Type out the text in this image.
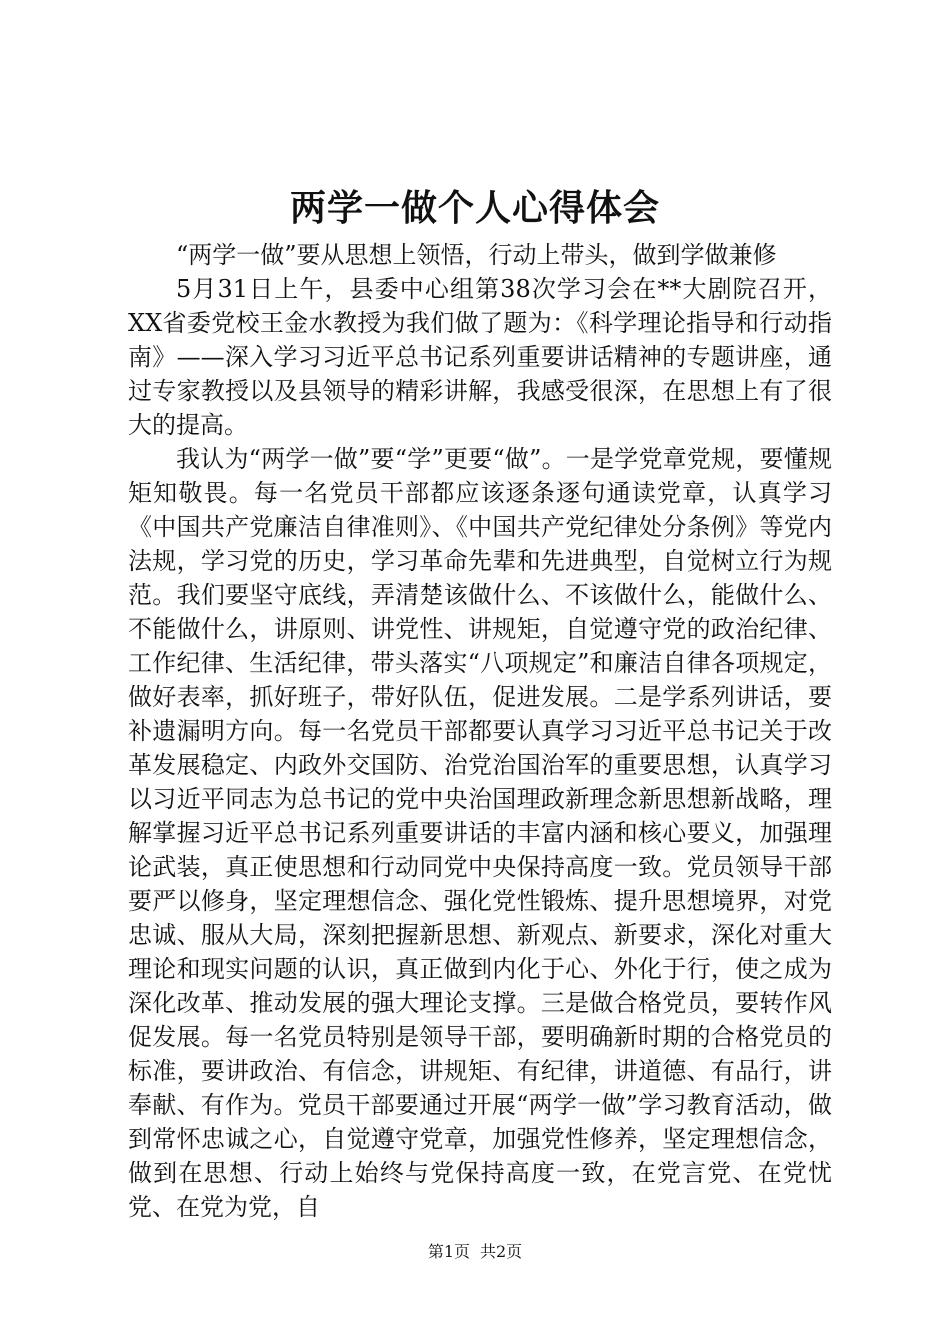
两学一做个人心得体会

“两学一做”要从思想上领悟，行动上带头，做到学做兼修

5月31日上午，县委中心组第38次学习会在**大剧院召开，XX省委党校王金水教授为我们做了题为：《科学理论指导和行动指南》——深入学习习近平总书记系列重要讲话精神的专题讲座，通过专家教授以及县领导的精彩讲解，我感受很深，在思想上有了很大的提高。

我认为“两学一做”要“学”更要“做”。一是学党章党规，要懂规矩知敬畏。每一名党员干部都应该逐条逐句通读党章，认真学习《中国共产党廉洁自律准则》、《中国共产党纪律处分条例》等党内法规，学习党的历史，学习革命先辈和先进典型，自觉树立行为规范。我们要坚守底线，弄清楚该做什么、不该做什么，能做什么、不能做什么，讲原则、讲党性、讲规矩，自觉遵守党的政治纪律、工作纪律、生活纪律，带头落实“八项规定”和廉洁自律各项规定，做好表率，抓好班子，带好队伍，促进发展。二是学系列讲话，要补遗漏明方向。每一名党员干部都要认真学习习近平总书记关于改革发展稳定、内政外交国防、治党治国治军的重要思想，认真学习以习近平同志为总书记的党中央治国理政新理念新思想新战略，理解掌握习近平总书记系列重要讲话的丰富内涵和核心要义，加强理论武装，真正使思想和行动同党中央保持高度一致。党员领导干部要严以修身，坚定理想信念、强化党性锻炼、提升思想境界，对党忠诚、服从大局，深刻把握新思想、新观点、新要求，深化对重大理论和现实问题的认识，真正做到内化于心、外化于行，使之成为深化改革、推动发展的强大理论支撑。三是做合格党员，要转作风促发展。每一名党员特别是领导干部，要明确新时期的合格党员的标准，要讲政治、有信念，讲规矩、有纪律，讲道德、有品行，讲奉献、有作为。党员干部要通过开展“两学一做”学习教育活动，做到常怀忠诚之心，自觉遵守党章，加强党性修养，坚定理想信念，做到在思想、行动上始终与党保持高度一致，在党言党、在党忧党、在党为党，自

第1页 共2页
